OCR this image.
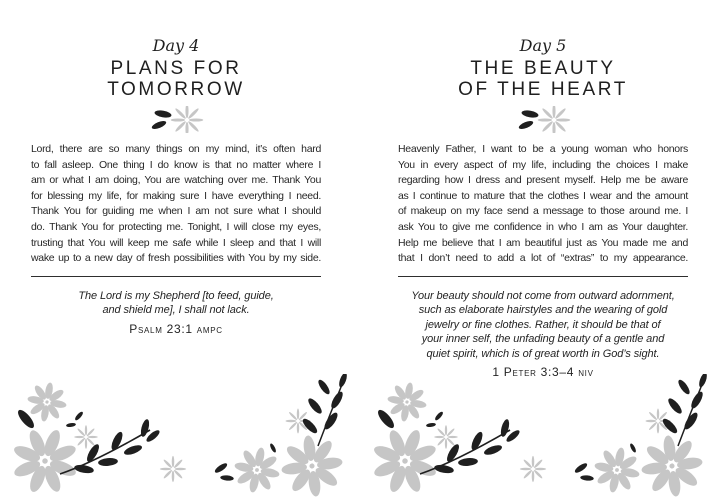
Day 4
PLANS FOR
TOMORROW
Lord, there are so many things on my mind, it’s often hard
to fall asleep. One thing I do know is that no matter where I
am or what I am doing, You are watching over me. Thank You
for blessing my life, for making sure I have everything I need.
Thank You for guiding me when I am not sure what I should
do. Thank You for protecting me. Tonight, I will close my eyes,
trusting that You will keep me safe while I sleep and that I will
wake up to a new day of fresh possibilities with You by my side.
The Lord is my Shepherd [to feed, guide,
and shield me], I shall not lack.
Psalm 23:1 ampc
Day 5
THE BEAUTY
OF THE HEART
Heavenly Father, I want to be a young woman who honors
You in every aspect of my life, including the choices I make
regarding how I dress and present myself. Help me be aware
as I continue to mature that the clothes I wear and the amount
of makeup on my face send a message to those around me. I
ask You to give me confidence in who I am as Your daughter.
Help me believe that I am beautiful just as You made me and
that I don’t need to add a lot of “extras” to my appearance.
Your beauty should not come from outward adornment,
such as elaborate hairstyles and the wearing of gold
jewelry or fine clothes. Rather, it should be that of
your inner self, the unfading beauty of a gentle and
quiet spirit, which is of great worth in God’s sight.
1 Peter 3:3–4 niv
